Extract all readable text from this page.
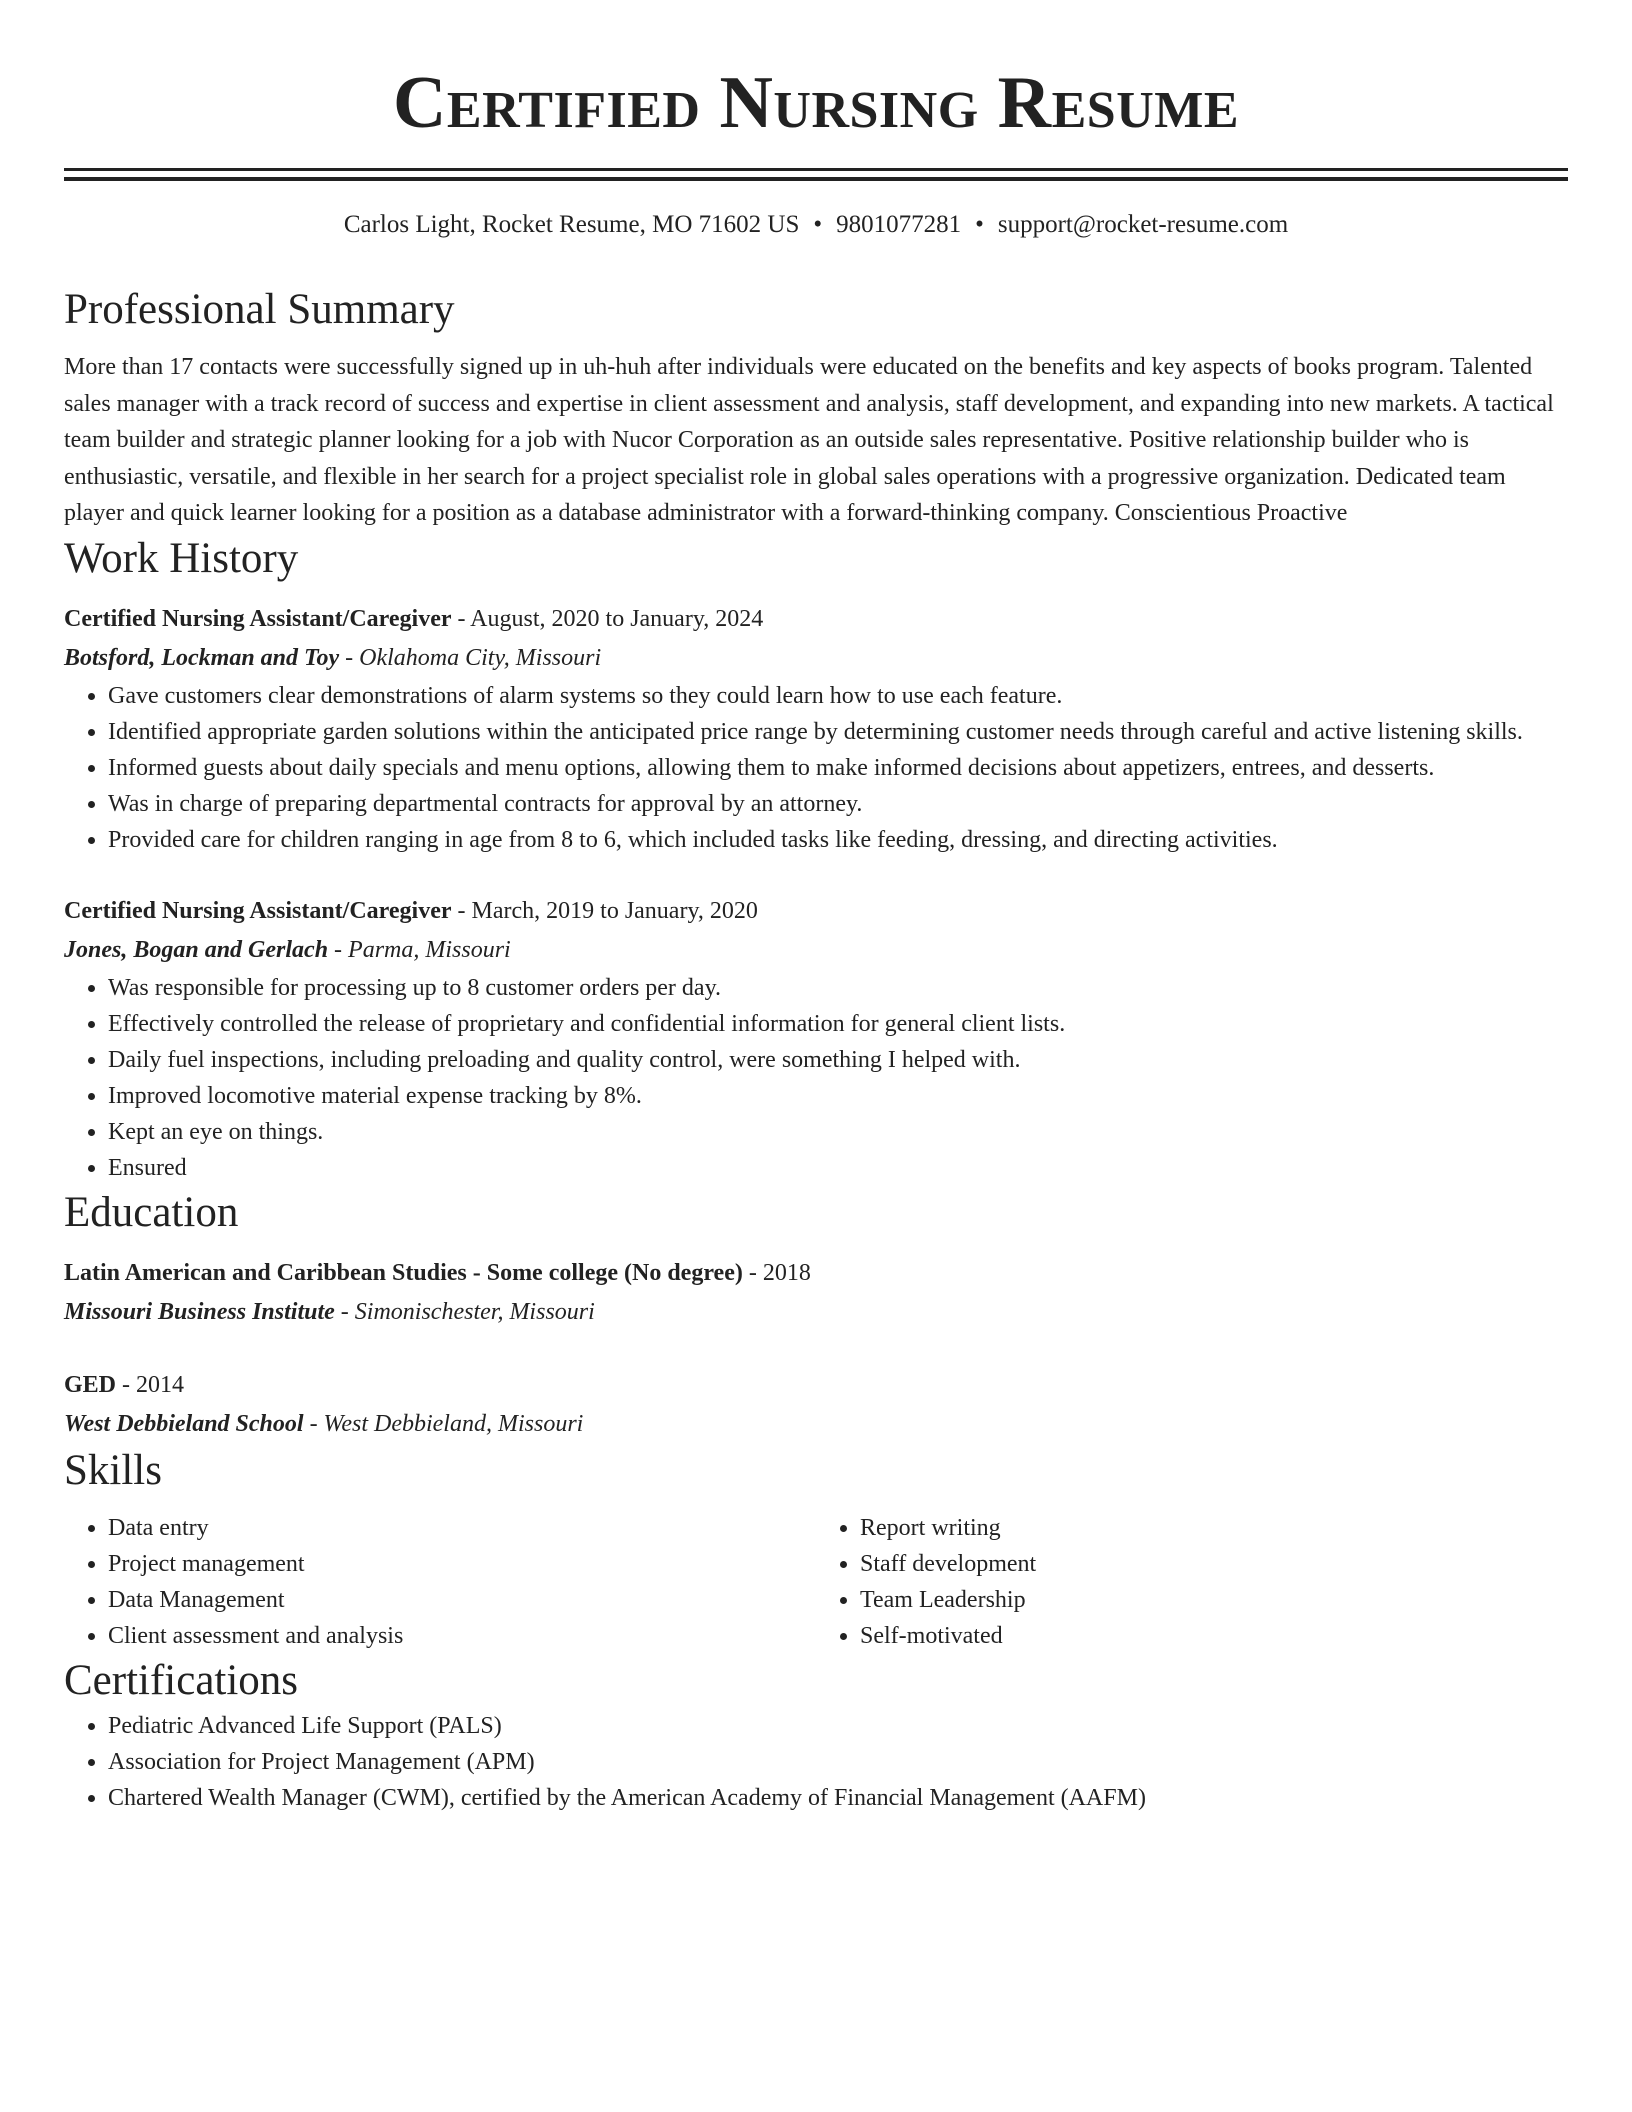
Certified Nursing Resume
Carlos Light, Rocket Resume, MO 71602 US • 9801077281 • support@rocket-resume.com
Professional Summary

More than 17 contacts were successfully signed up in uh-huh after individuals were educated on the benefits and key aspects of books program. Talented sales manager with a track record of success and expertise in client assessment and analysis, staff development, and expanding into new markets. A tactical team builder and strategic planner looking for a job with Nucor Corporation as an outside sales representative. Positive relationship builder who is enthusiastic, versatile, and flexible in her search for a project specialist role in global sales operations with a progressive organization. Dedicated team player and quick learner looking for a position as a database administrator with a forward-thinking company. Conscientious Proactive

Work History
Certified Nursing Assistant/Caregiver - August, 2020 to January, 2024
Botsford, Lockman and Toy - Oklahoma City, Missouri
• Gave customers clear demonstrations of alarm systems so they could learn how to use each feature.
• Identified appropriate garden solutions within the anticipated price range by determining customer needs through careful and active listening skills.
• Informed guests about daily specials and menu options, allowing them to make informed decisions about appetizers, entrees, and desserts.
• Was in charge of preparing departmental contracts for approval by an attorney.
• Provided care for children ranging in age from 8 to 6, which included tasks like feeding, dressing, and directing activities.
Certified Nursing Assistant/Caregiver - March, 2019 to January, 2020
Jones, Bogan and Gerlach - Parma, Missouri
• Was responsible for processing up to 8 customer orders per day.
• Effectively controlled the release of proprietary and confidential information for general client lists.
• Daily fuel inspections, including preloading and quality control, were something I helped with.
• Improved locomotive material expense tracking by 8%.
• Kept an eye on things.
• Ensured
Education
Latin American and Caribbean Studies - Some college (No degree) - 2018
Missouri Business Institute - Simonischester, Missouri
GED - 2014
West Debbieland School - West Debbieland, Missouri
Skills
• Data entry
• Project management
• Data Management
• Client assessment and analysis
• Report writing
• Staff development
• Team Leadership
• Self-motivated
Certifications
• Pediatric Advanced Life Support (PALS)
• Association for Project Management (APM)
• Chartered Wealth Manager (CWM), certified by the American Academy of Financial Management (AAFM)
